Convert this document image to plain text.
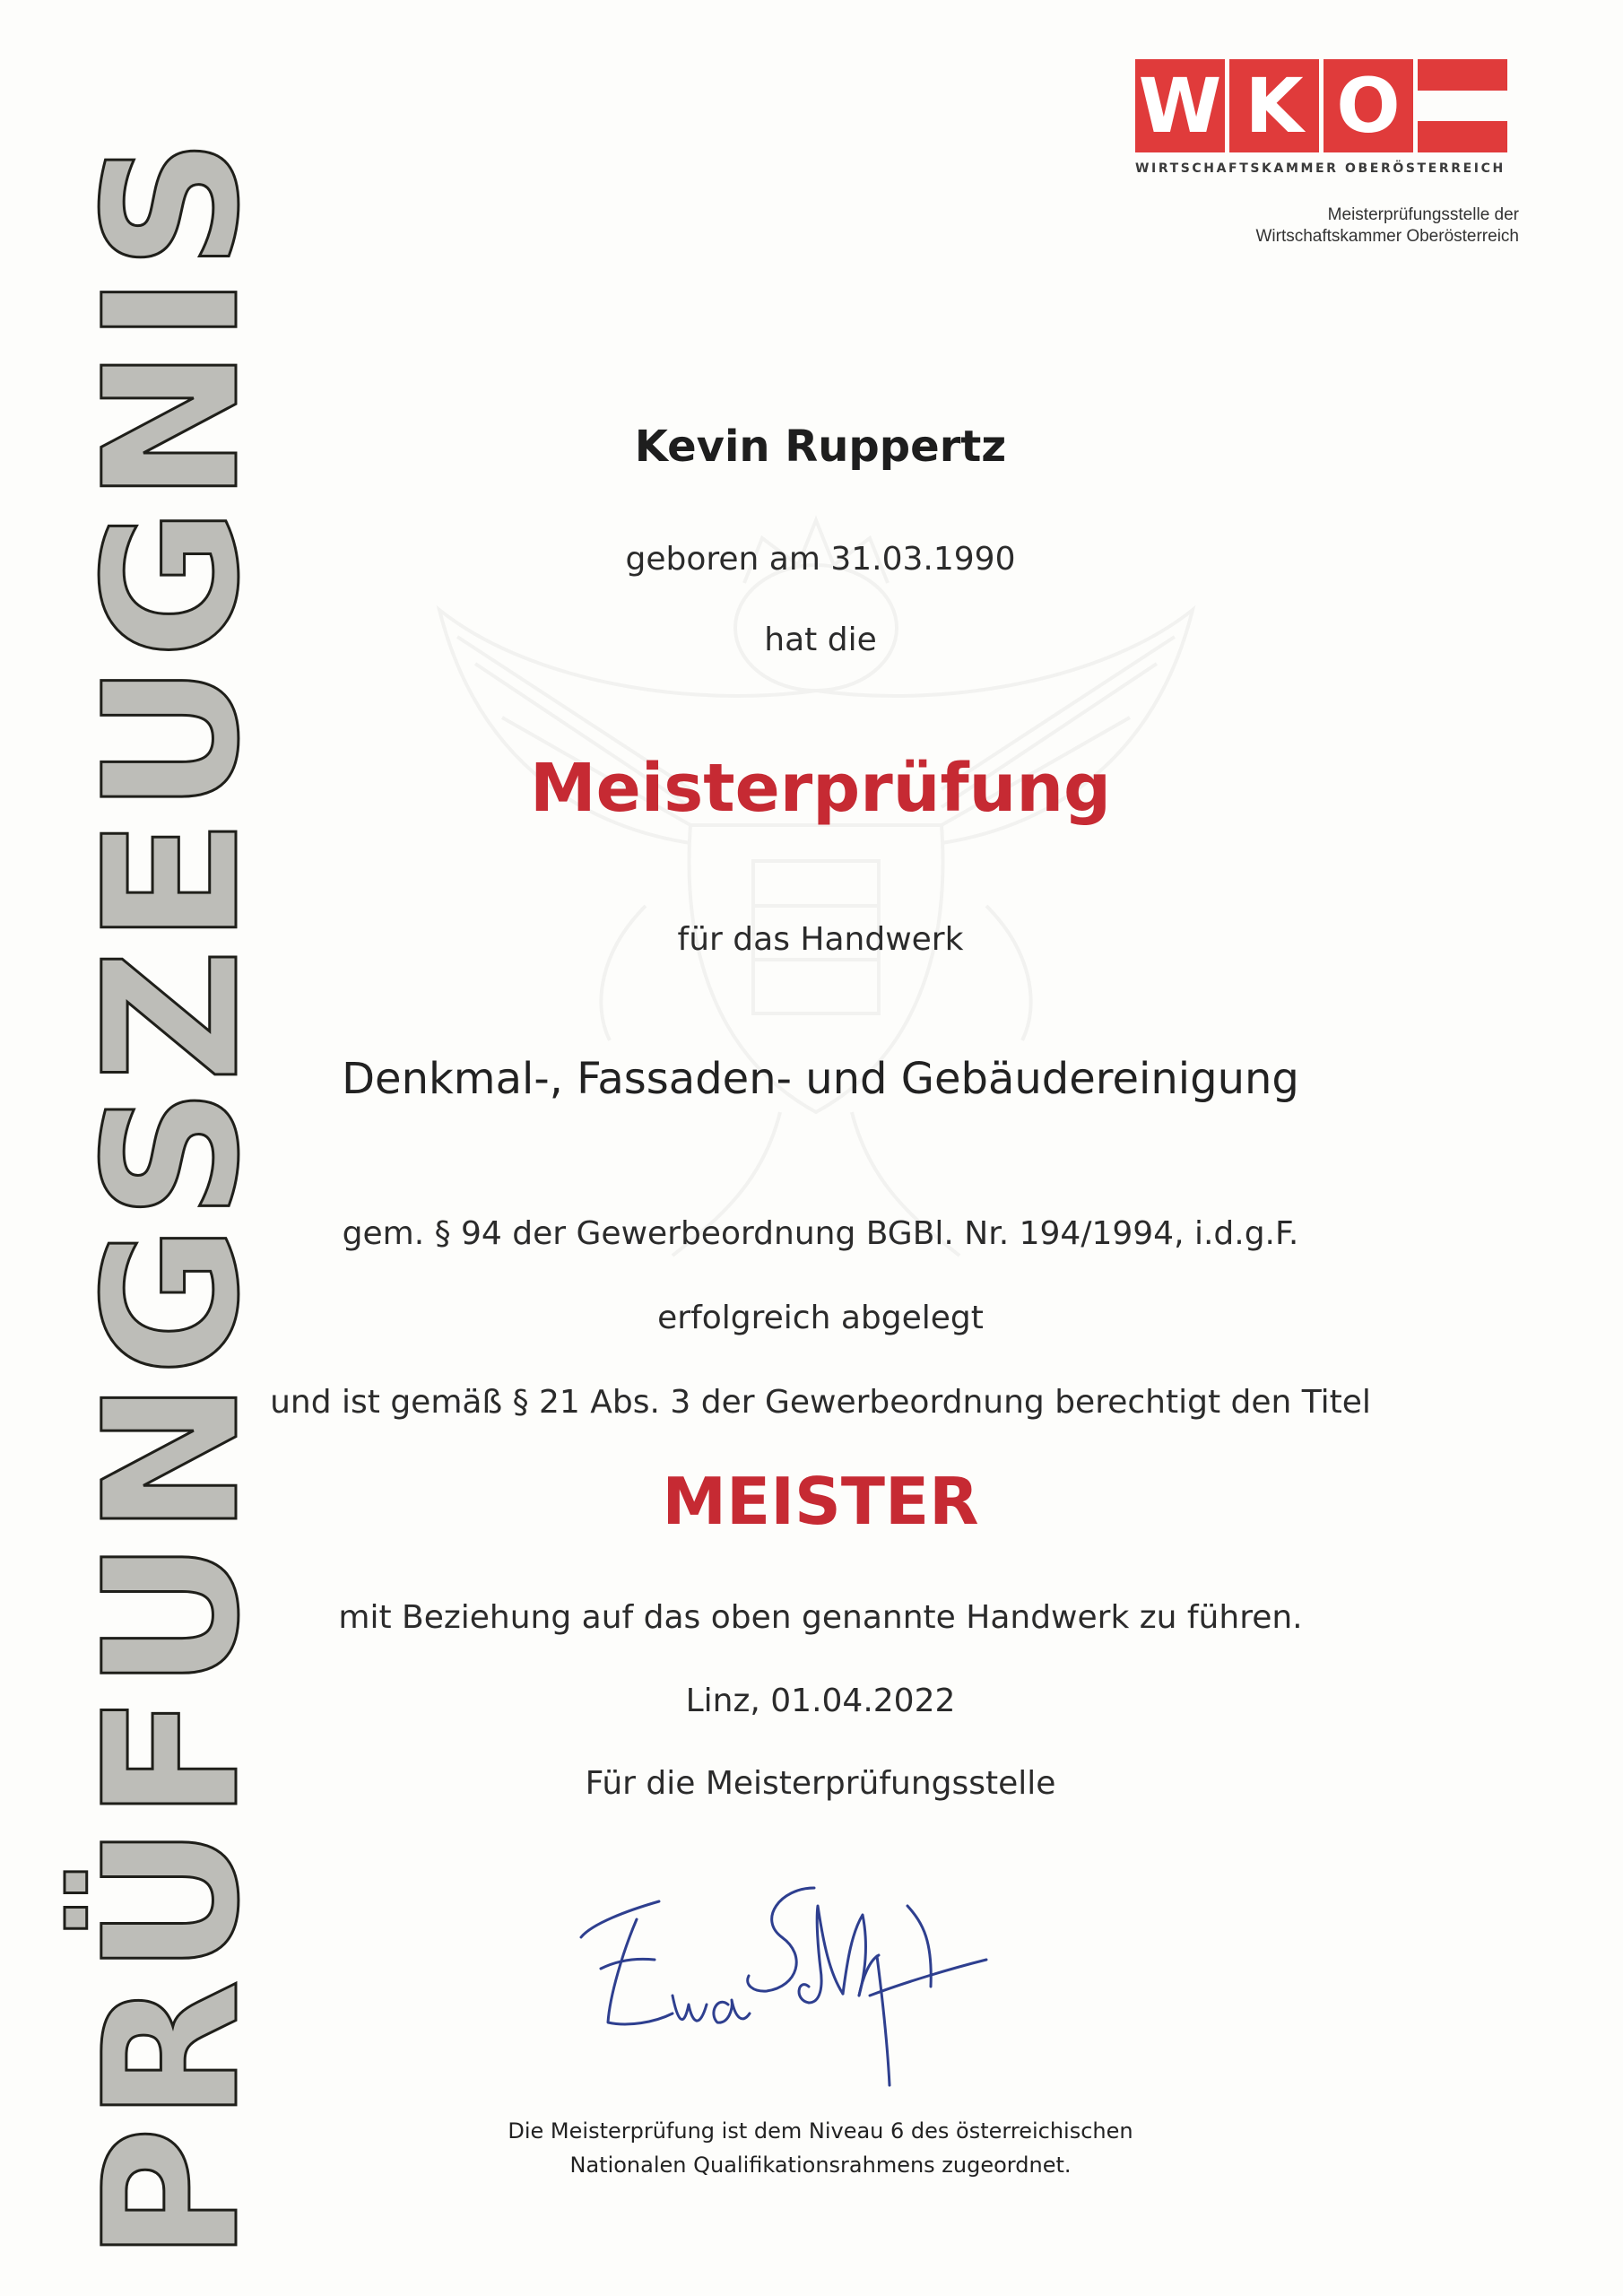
PRÜFUNGSZEUGNIS
W K O
WIRTSCHAFTSKAMMER OBERÖSTERREICH
Meisterprüfungsstelle der
Wirtschaftskammer Oberösterreich
Kevin Ruppertz
geboren am 31.03.1990
hat die
Meisterprüfung
für das Handwerk
Denkmal-, Fassaden- und Gebäudereinigung
gem. § 94 der Gewerbeordnung BGBl. Nr. 194/1994, i.d.g.F.
erfolgreich abgelegt
und ist gemäß § 21 Abs. 3 der Gewerbeordnung berechtigt den Titel
MEISTER
mit Beziehung auf das oben genannte Handwerk zu führen.
Linz, 01.04.2022
Für die Meisterprüfungsstelle
Die Meisterprüfung ist dem Niveau 6 des österreichischen
Nationalen Qualifikationsrahmens zugeordnet.
